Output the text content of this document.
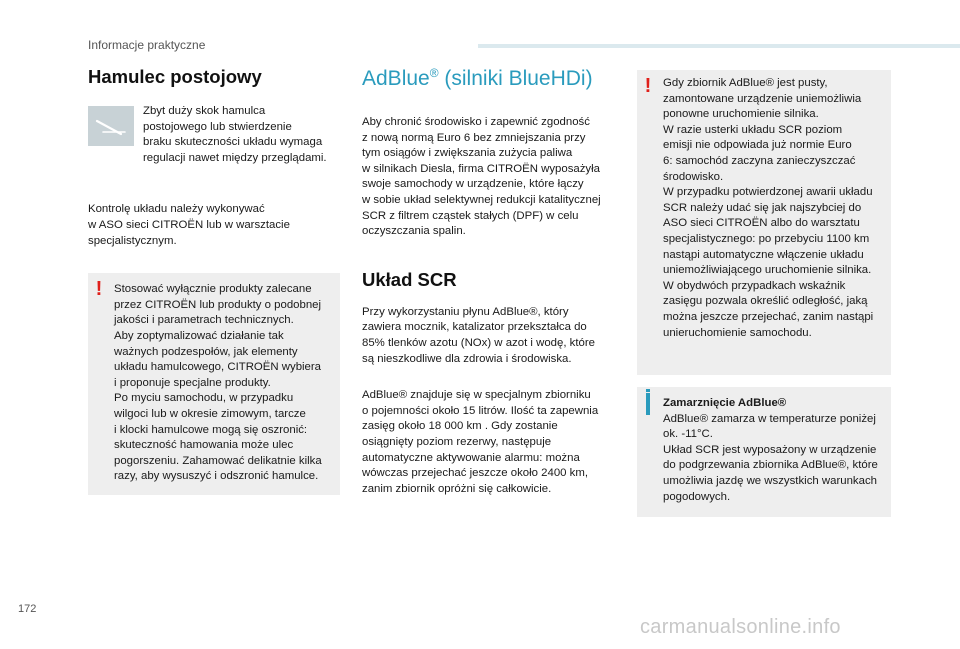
Informacje praktyczne
Hamulec postojowy

Zbyt duży skok hamulca
postojowego lub stwierdzenie
braku skuteczności układu wymaga
regulacji nawet między przeglądami.

Kontrolę układu należy wykonywać
w ASO sieci CITROËN lub w warsztacie
specjalistycznym.

! Stosować wyłącznie produkty zalecane
przez CITROËN lub produkty o podobnej
jakości i parametrach technicznych.
Aby zoptymalizować działanie tak
ważnych podzespołów, jak elementy
układu hamulcowego, CITROËN wybiera
i proponuje specjalne produkty.
Po myciu samochodu, w przypadku
wilgoci lub w okresie zimowym, tarcze
i klocki hamulcowe mogą się oszronić:
skuteczność hamowania może ulec
pogorszeniu. Zahamować delikatnie kilka
razy, aby wysuszyć i odszronić hamulce.

AdBlue® (silniki BlueHDi)

Aby chronić środowisko i zapewnić zgodność
z nową normą Euro 6 bez zmniejszania przy
tym osiągów i zwiększania zużycia paliwa
w silnikach Diesla, firma CITROËN wyposażyła
swoje samochody w urządzenie, które łączy
w sobie układ selektywnej redukcji katalitycznej
SCR z filtrem cząstek stałych (DPF) w celu
oczyszczania spalin.

Układ SCR

Przy wykorzystaniu płynu AdBlue®, który
zawiera mocznik, katalizator przekształca do
85% tlenków azotu (NOx) w azot i wodę, które
są nieszkodliwe dla zdrowia i środowiska.

AdBlue® znajduje się w specjalnym zbiorniku
o pojemności około 15 litrów. Ilość ta zapewnia
zasięg około 18 000 km . Gdy zostanie
osiągnięty poziom rezerwy, następuje
automatyczne aktywowanie alarmu: można
wówczas przejechać jeszcze około 2400 km,
zanim zbiornik opróżni się całkowicie.

! Gdy zbiornik AdBlue® jest pusty,
zamontowane urządzenie uniemożliwia
ponowne uruchomienie silnika.
W razie usterki układu SCR poziom
emisji nie odpowiada już normie Euro
6: samochód zaczyna zanieczyszczać
środowisko.
W przypadku potwierdzonej awarii układu
SCR należy udać się jak najszybciej do
ASO sieci CITROËN albo do warsztatu
specjalistycznego: po przebyciu 1100 km
nastąpi automatyczne włączenie układu
uniemożliwiającego uruchomienie silnika.
W obydwóch przypadkach wskaźnik
zasięgu pozwala określić odległość, jaką
można jeszcze przejechać, zanim nastąpi
unieruchomienie samochodu.

Zamarznięcie AdBlue®

AdBlue® zamarza w temperaturze poniżej
ok. -11°C.
Układ SCR jest wyposażony w urządzenie
do podgrzewania zbiornika AdBlue®, które
umożliwia jazdę we wszystkich warunkach
pogodowych.

172
carmanualsonline.info
